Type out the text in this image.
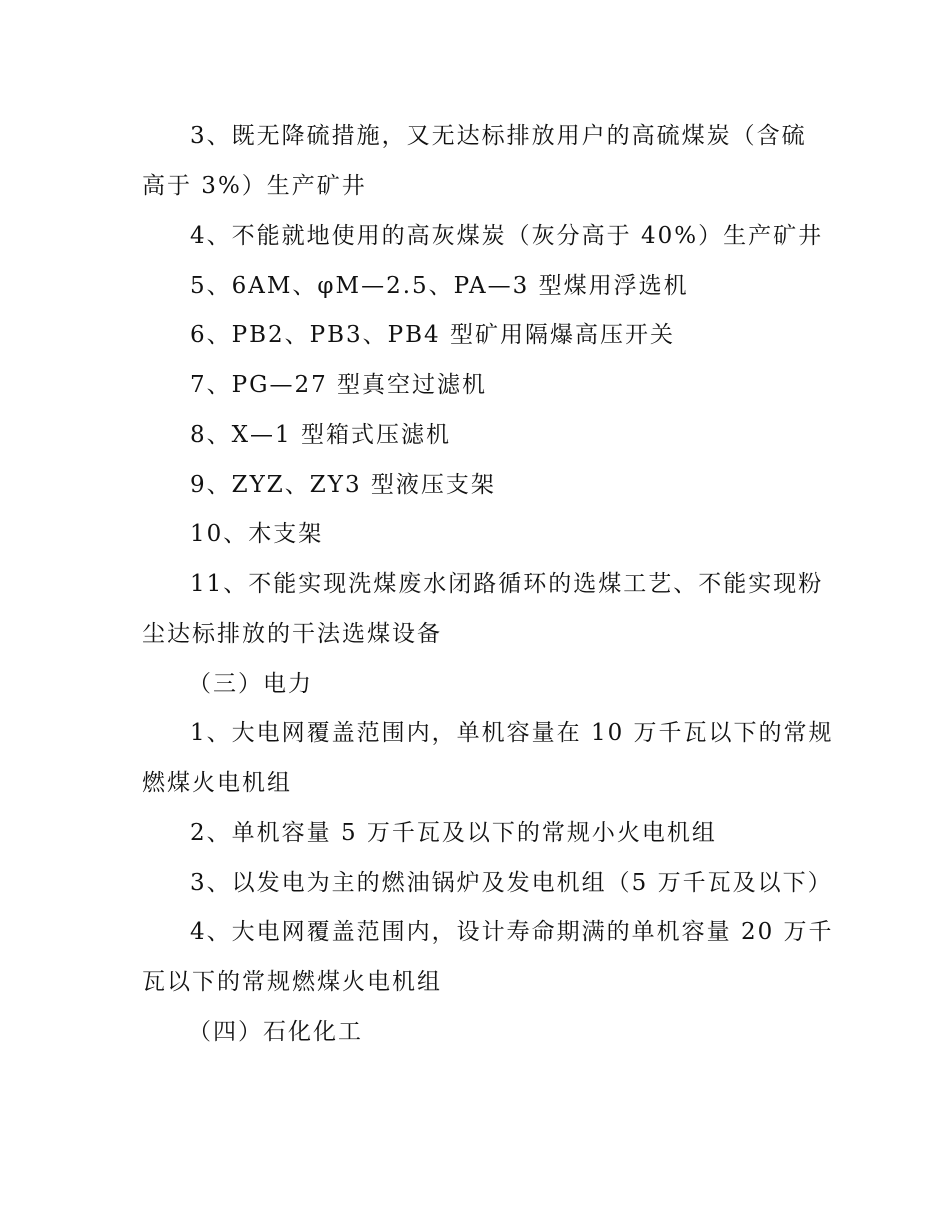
3、既无降硫措施，又无达标排放用户的高硫煤炭（含硫
高于 3%）生产矿井
4、不能就地使用的高灰煤炭（灰分高于 40%）生产矿井
5、6AM、φM—2.5、PA—3 型煤用浮选机
6、PB2、PB3、PB4 型矿用隔爆高压开关
7、PG—27 型真空过滤机
8、X—1 型箱式压滤机
9、ZYZ、ZY3 型液压支架
10、木支架
11、不能实现洗煤废水闭路循环的选煤工艺、不能实现粉
尘达标排放的干法选煤设备
（三）电力
1、大电网覆盖范围内，单机容量在 10 万千瓦以下的常规
燃煤火电机组
2、单机容量 5 万千瓦及以下的常规小火电机组
3、以发电为主的燃油锅炉及发电机组（5 万千瓦及以下）
4、大电网覆盖范围内，设计寿命期满的单机容量 20 万千
瓦以下的常规燃煤火电机组
（四）石化化工
